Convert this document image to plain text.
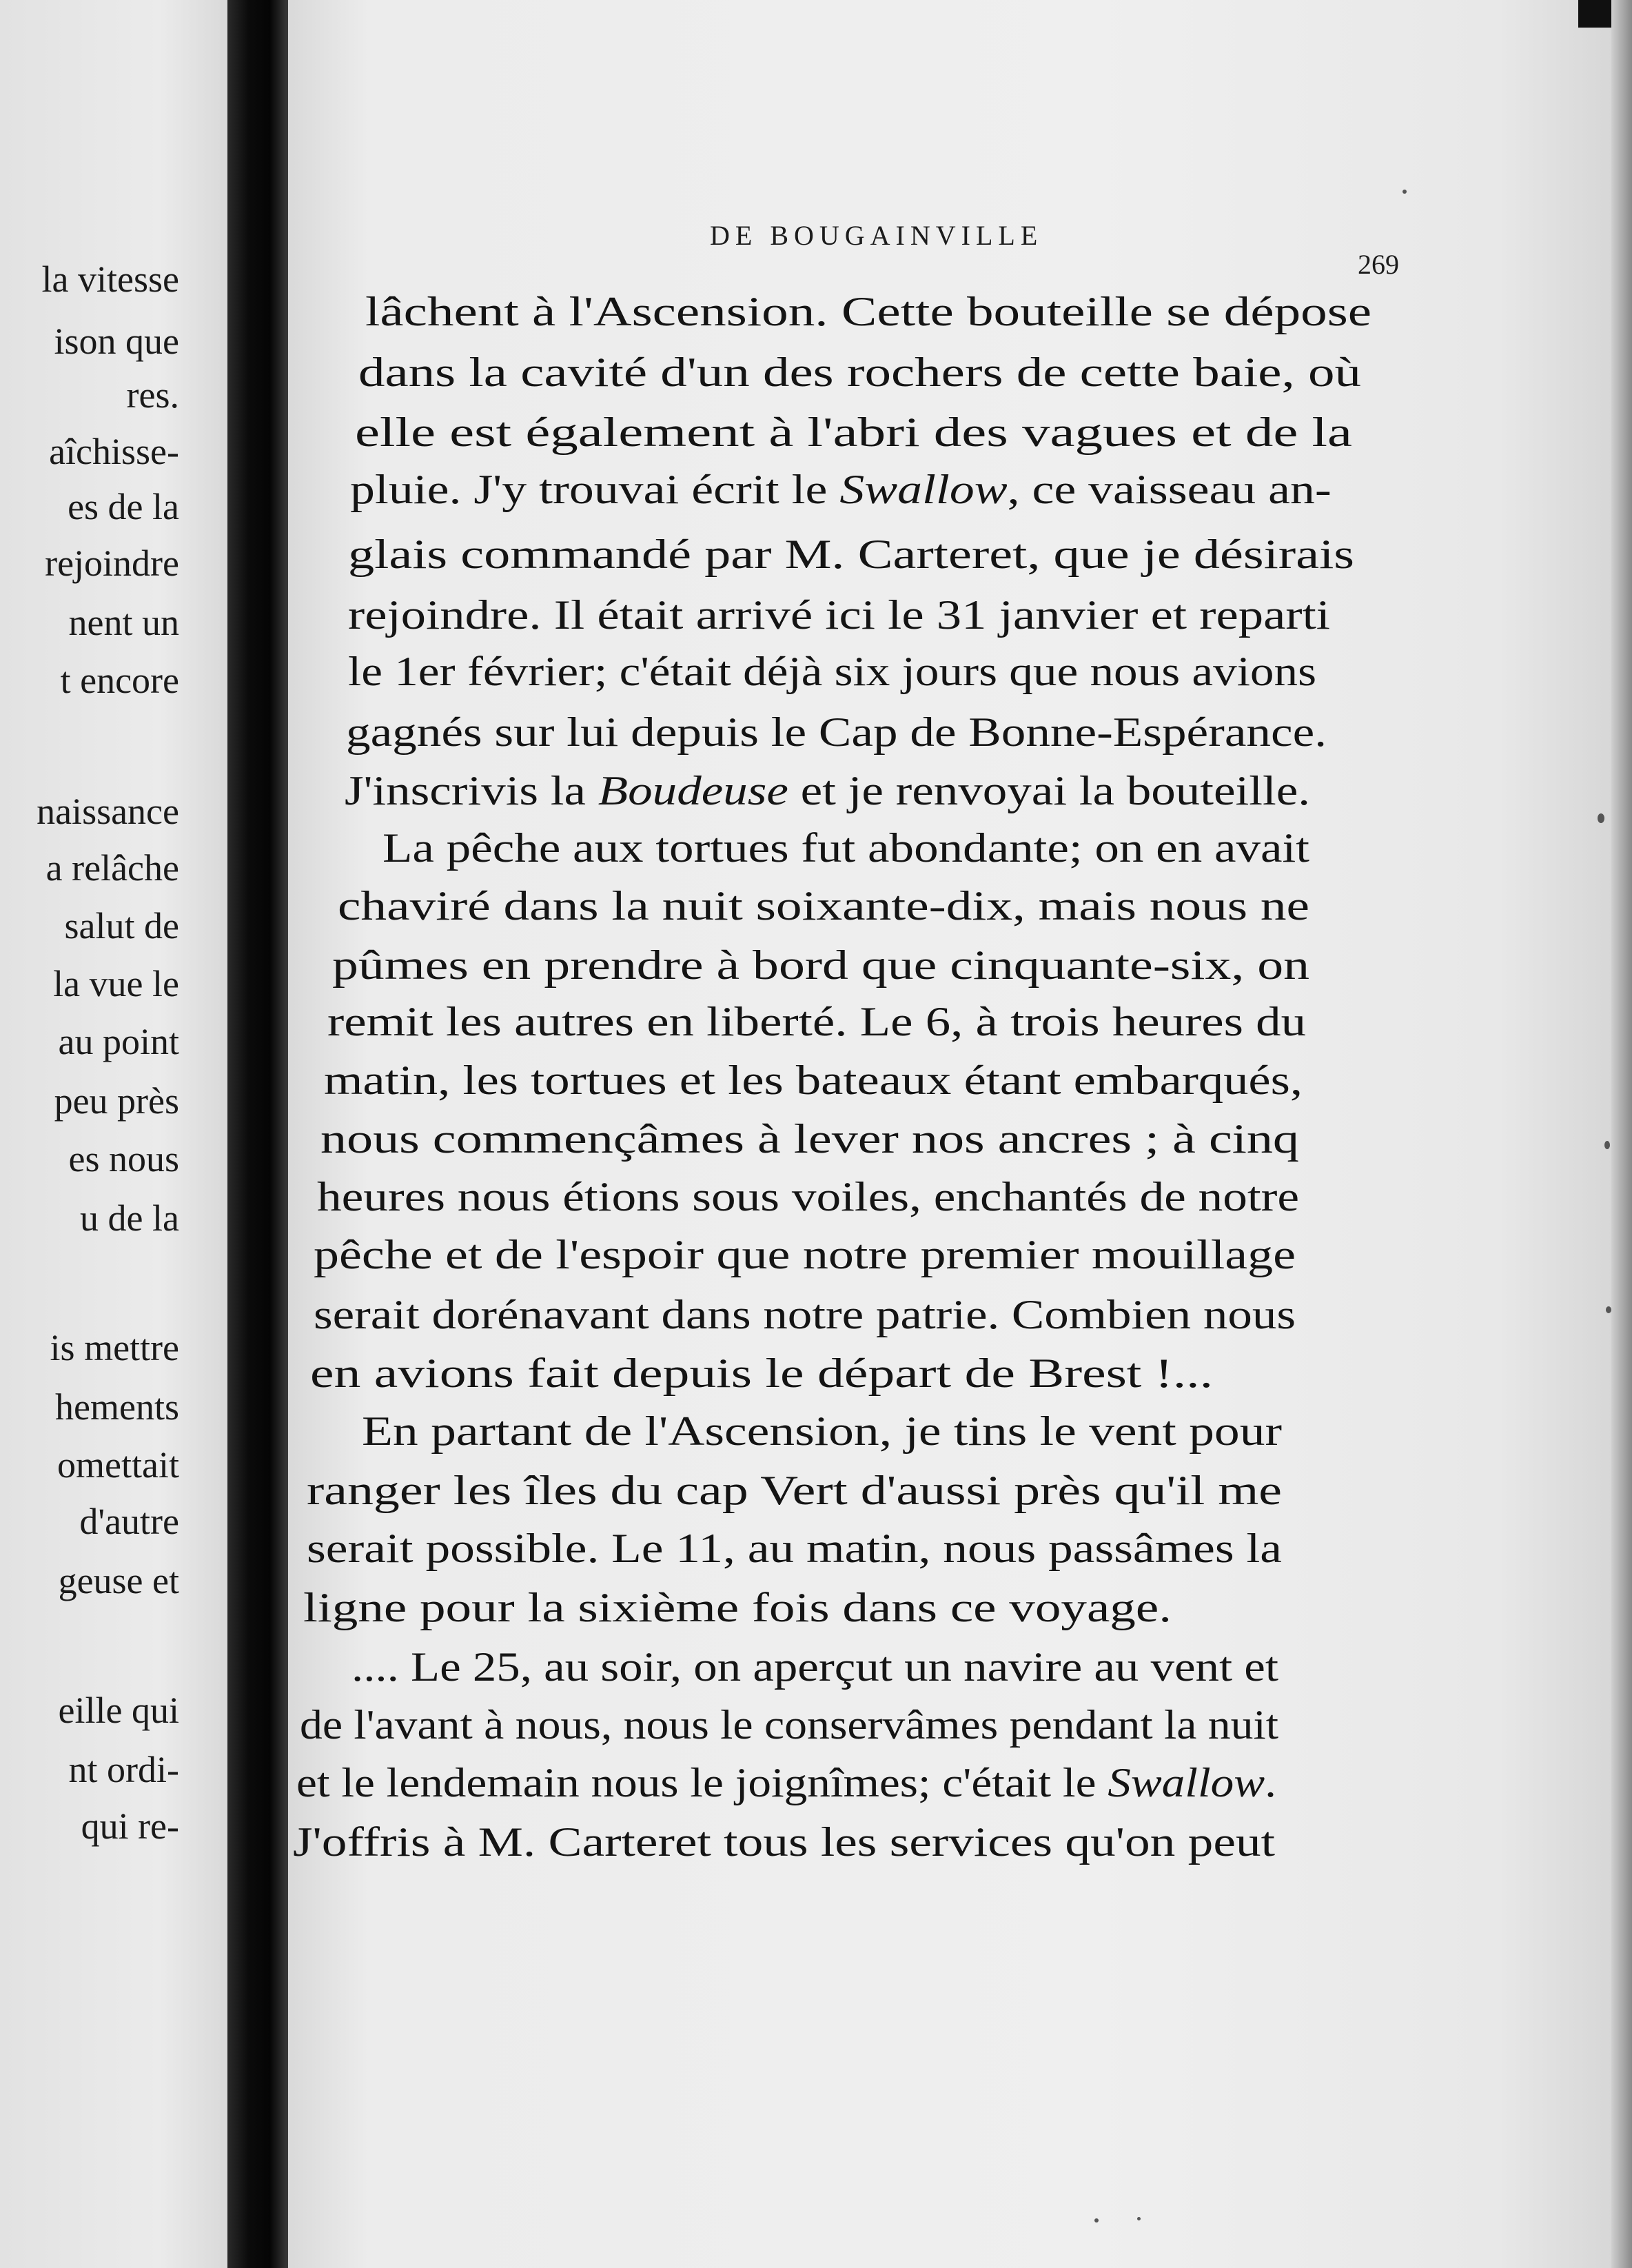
la vitesse
ison que
res.
aîchisse-
es de la
rejoindre
nent un
t encore
naissance
a relâche
salut de
la vue le
au point
peu près
es nous
u de la
is mettre
hements
omettait
d'autre
geuse et
eille qui
nt ordi-
qui re-
DE BOUGAINVILLE
269
lâchent à l'Ascension. Cette bouteille se dépose
dans la cavité d'un des rochers de cette baie, où
elle est également à l'abri des vagues et de la
pluie. J'y trouvai écrit le Swallow, ce vaisseau an-
glais commandé par M. Carteret, que je désirais
rejoindre. Il était arrivé ici le 31 janvier et reparti
le 1er février; c'était déjà six jours que nous avions
gagnés sur lui depuis le Cap de Bonne-Espérance.
J'inscrivis la Boudeuse et je renvoyai la bouteille.
La pêche aux tortues fut abondante; on en avait
chaviré dans la nuit soixante-dix, mais nous ne
pûmes en prendre à bord que cinquante-six, on
remit les autres en liberté. Le 6, à trois heures du
matin, les tortues et les bateaux étant embarqués,
nous commençâmes à lever nos ancres ; à cinq
heures nous étions sous voiles, enchantés de notre
pêche et de l'espoir que notre premier mouillage
serait dorénavant dans notre patrie. Combien nous
en avions fait depuis le départ de Brest !...
En partant de l'Ascension, je tins le vent pour
ranger les îles du cap Vert d'aussi près qu'il me
serait possible. Le 11, au matin, nous passâmes la
ligne pour la sixième fois dans ce voyage.
.... Le 25, au soir, on aperçut un navire au vent et
de l'avant à nous, nous le conservâmes pendant la nuit
et le lendemain nous le joignîmes; c'était le Swallow.
J'offris à M. Carteret tous les services qu'on peut
